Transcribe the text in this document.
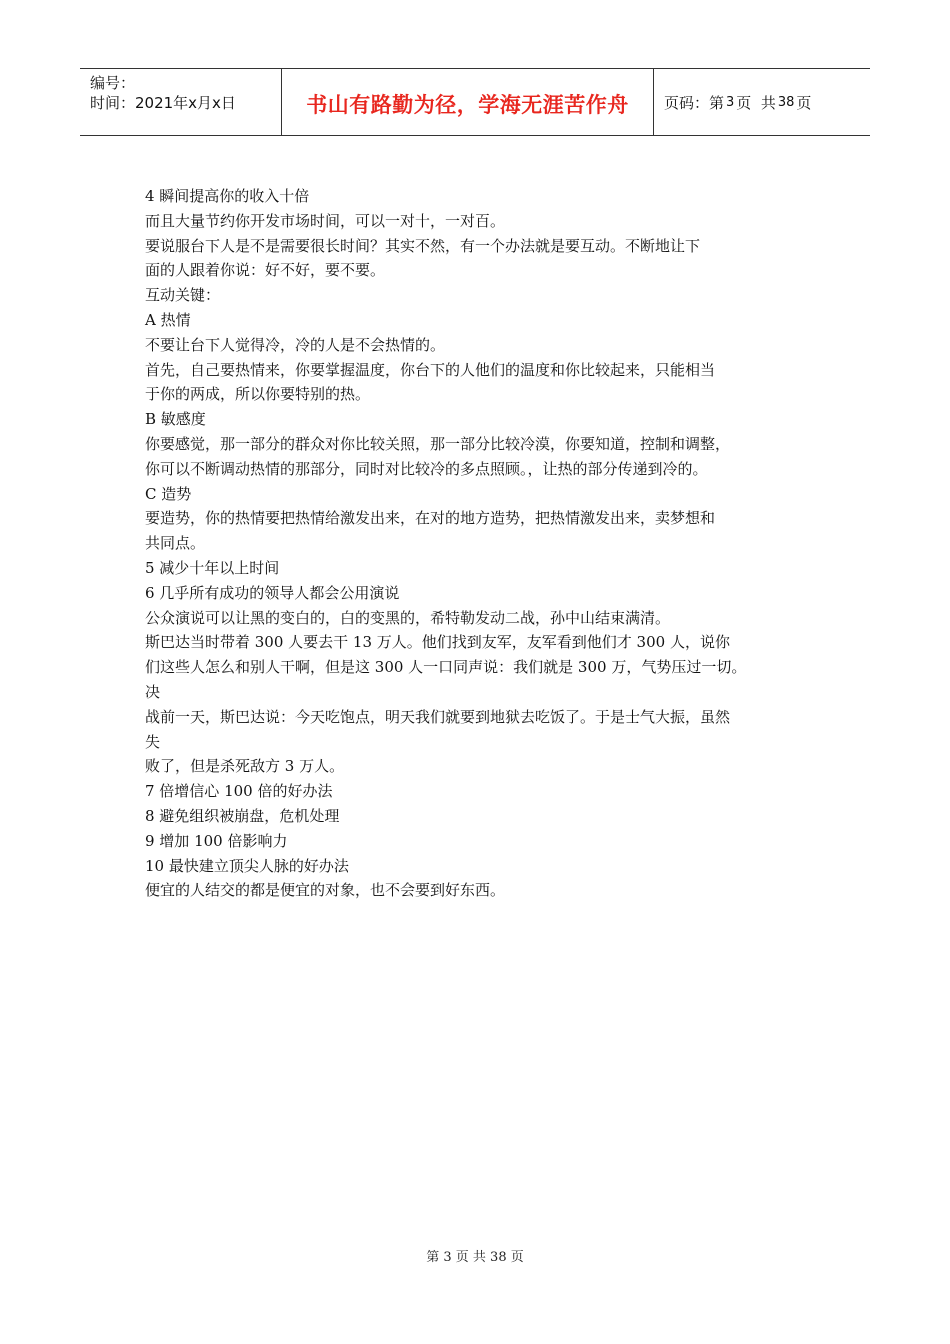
编号：
时间：2021年x月x日	书山有路勤为径，学海无涯苦作舟 页码：第 3 页  共 38 页
4 瞬间提高你的收入十倍
而且大量节约你开发市场时间，可以一对十，一对百。
要说服台下人是不是需要很长时间？其实不然，有一个办法就是要互动。不断地让下
面的人跟着你说：好不好，要不要。
互动关键：
A 热情
不要让台下人觉得冷，冷的人是不会热情的。
首先，自己要热情来，你要掌握温度，你台下的人他们的温度和你比较起来，只能相当
于你的两成，所以你要特别的热。
B 敏感度
你要感觉，那一部分的群众对你比较关照，那一部分比较冷漠，你要知道，控制和调整，
你可以不断调动热情的那部分，同时对比较冷的多点照顾。，让热的部分传递到冷的。
C 造势
要造势，你的热情要把热情给激发出来，在对的地方造势，把热情激发出来，卖梦想和
共同点。
5 减少十年以上时间
6 几乎所有成功的领导人都会公用演说
公众演说可以让黑的变白的，白的变黑的，希特勒发动二战，孙中山结束满清。
斯巴达当时带着 300 人要去干 13 万人。他们找到友军，友军看到他们才 300 人，说你
们这些人怎么和别人干啊，但是这 300 人一口同声说：我们就是 300 万，气势压过一切。
决
战前一天，斯巴达说：今天吃饱点，明天我们就要到地狱去吃饭了。于是士气大振，虽然
失
败了，但是杀死敌方 3 万人。
7 倍增信心 100 倍的好办法
8 避免组织被崩盘，危机处理
9 增加 100 倍影响力
10 最快建立顶尖人脉的好办法
便宜的人结交的都是便宜的对象，也不会要到好东西。
第 3 页 共 38 页
